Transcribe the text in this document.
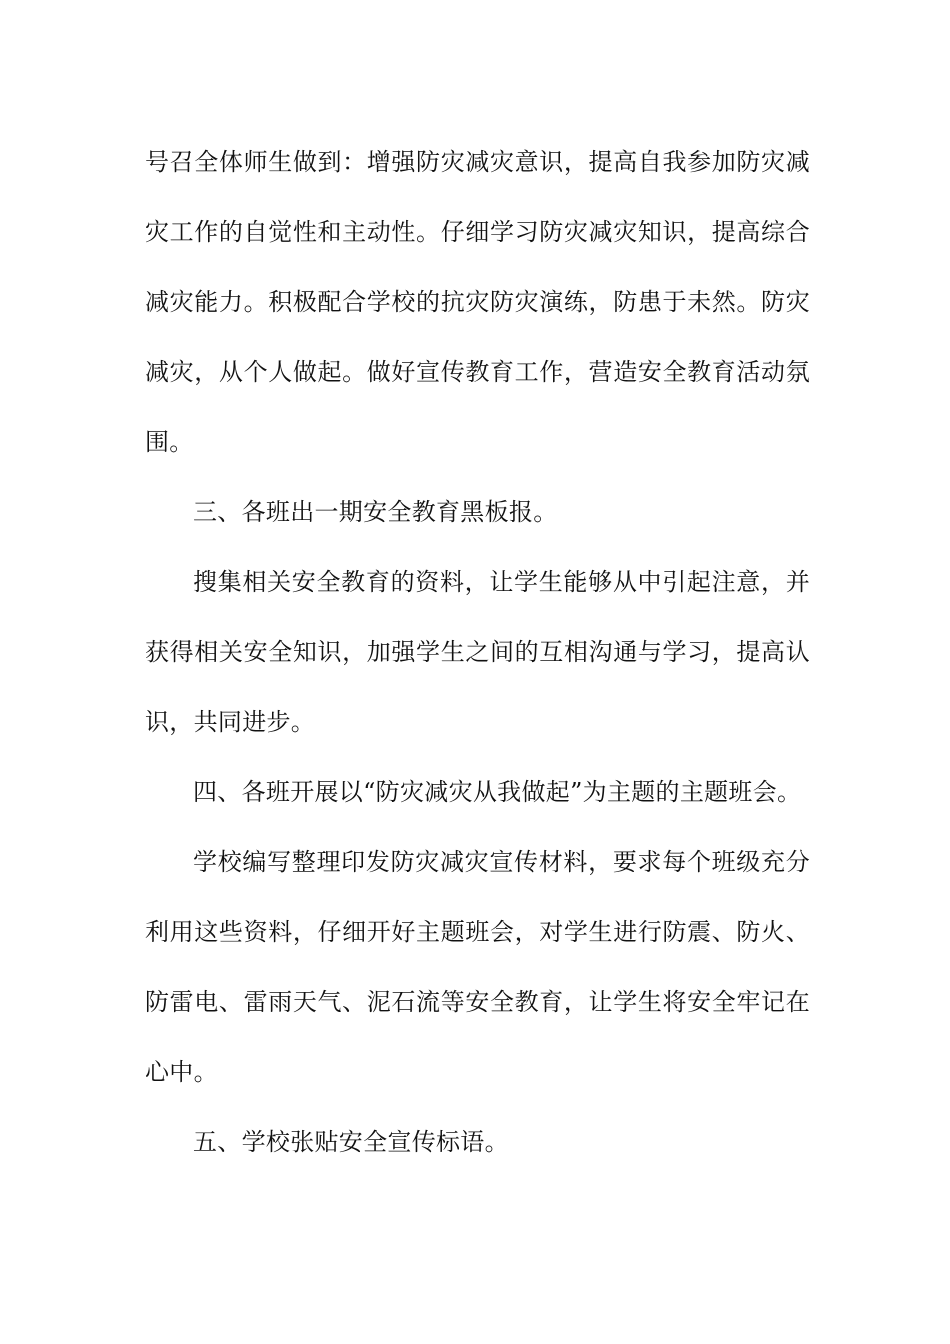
号召全体师生做到：增强防灾减灾意识，提高自我参加防灾减灾工作的自觉性和主动性。仔细学习防灾减灾知识，提高综合减灾能力。积极配合学校的抗灾防灾演练，防患于未然。防灾减灾，从个人做起。做好宣传教育工作，营造安全教育活动氛围。

三、各班出一期安全教育黑板报。

搜集相关安全教育的资料，让学生能够从中引起注意，并获得相关安全知识，加强学生之间的互相沟通与学习，提高认识，共同进步。

四、各班开展以“防灾减灾从我做起”为主题的主题班会。

学校编写整理印发防灾减灾宣传材料，要求每个班级充分利用这些资料，仔细开好主题班会，对学生进行防震、防火、防雷电、雷雨天气、泥石流等安全教育，让学生将安全牢记在心中。

五、学校张贴安全宣传标语。
